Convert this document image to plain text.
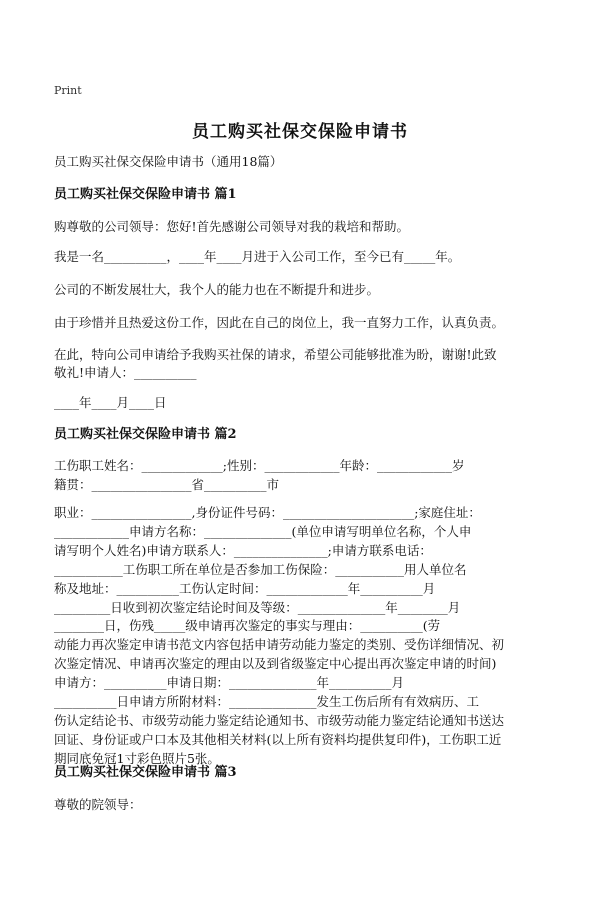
Print
员工购买社保交保险申请书
员工购买社保交保险申请书（通用18篇）
员工购买社保交保险申请书 篇1
购尊敬的公司领导：您好!首先感谢公司领导对我的栽培和帮助。
我是一名__________，____年____月进于入公司工作，至今已有_____年。
公司的不断发展壮大，我个人的能力也在不断提升和进步。
由于珍惜并且热爱这份工作，因此在自己的岗位上，我一直努力工作，认真负责。
在此，特向公司申请给予我购买社保的请求，希望公司能够批准为盼，谢谢!此致
敬礼!申请人：__________
____年____月____日
员工购买社保交保险申请书 篇2

工伤职工姓名：_____________;性别：____________年龄：____________岁

籍贯：________________省__________市

职业：________________,身份证件号码：_____________________;家庭住址：

____________申请方名称：______________(单位申请写明单位名称，个人申

请写明个人姓名)申请方联系人：_______________;申请方联系电话：

___________工伤职工所在单位是否参加工伤保险：___________用人单位名

称及地址：__________工伤认定时间：_____________年__________月

_________日收到初次鉴定结论时间及等级：______________年________月

________日，伤残_____级申请再次鉴定的事实与理由：__________(劳

动能力再次鉴定申请书范文内容包括申请劳动能力鉴定的类别、受伤详细情况、初

次鉴定情况、申请再次鉴定的理由以及到省级鉴定中心提出再次鉴定申请的时间)

申请方：__________申请日期：______________年__________月

__________日申请方所附材料：______________发生工伤后所有有效病历、工

伤认定结论书、市级劳动能力鉴定结论通知书、市级劳动能力鉴定结论通知书送达

回证、身份证或户口本及其他相关材料(以上所有资料均提供复印件)，工伤职工近

期同底免冠1寸彩色照片5张。

员工购买社保交保险申请书 篇3
尊敬的院领导：
